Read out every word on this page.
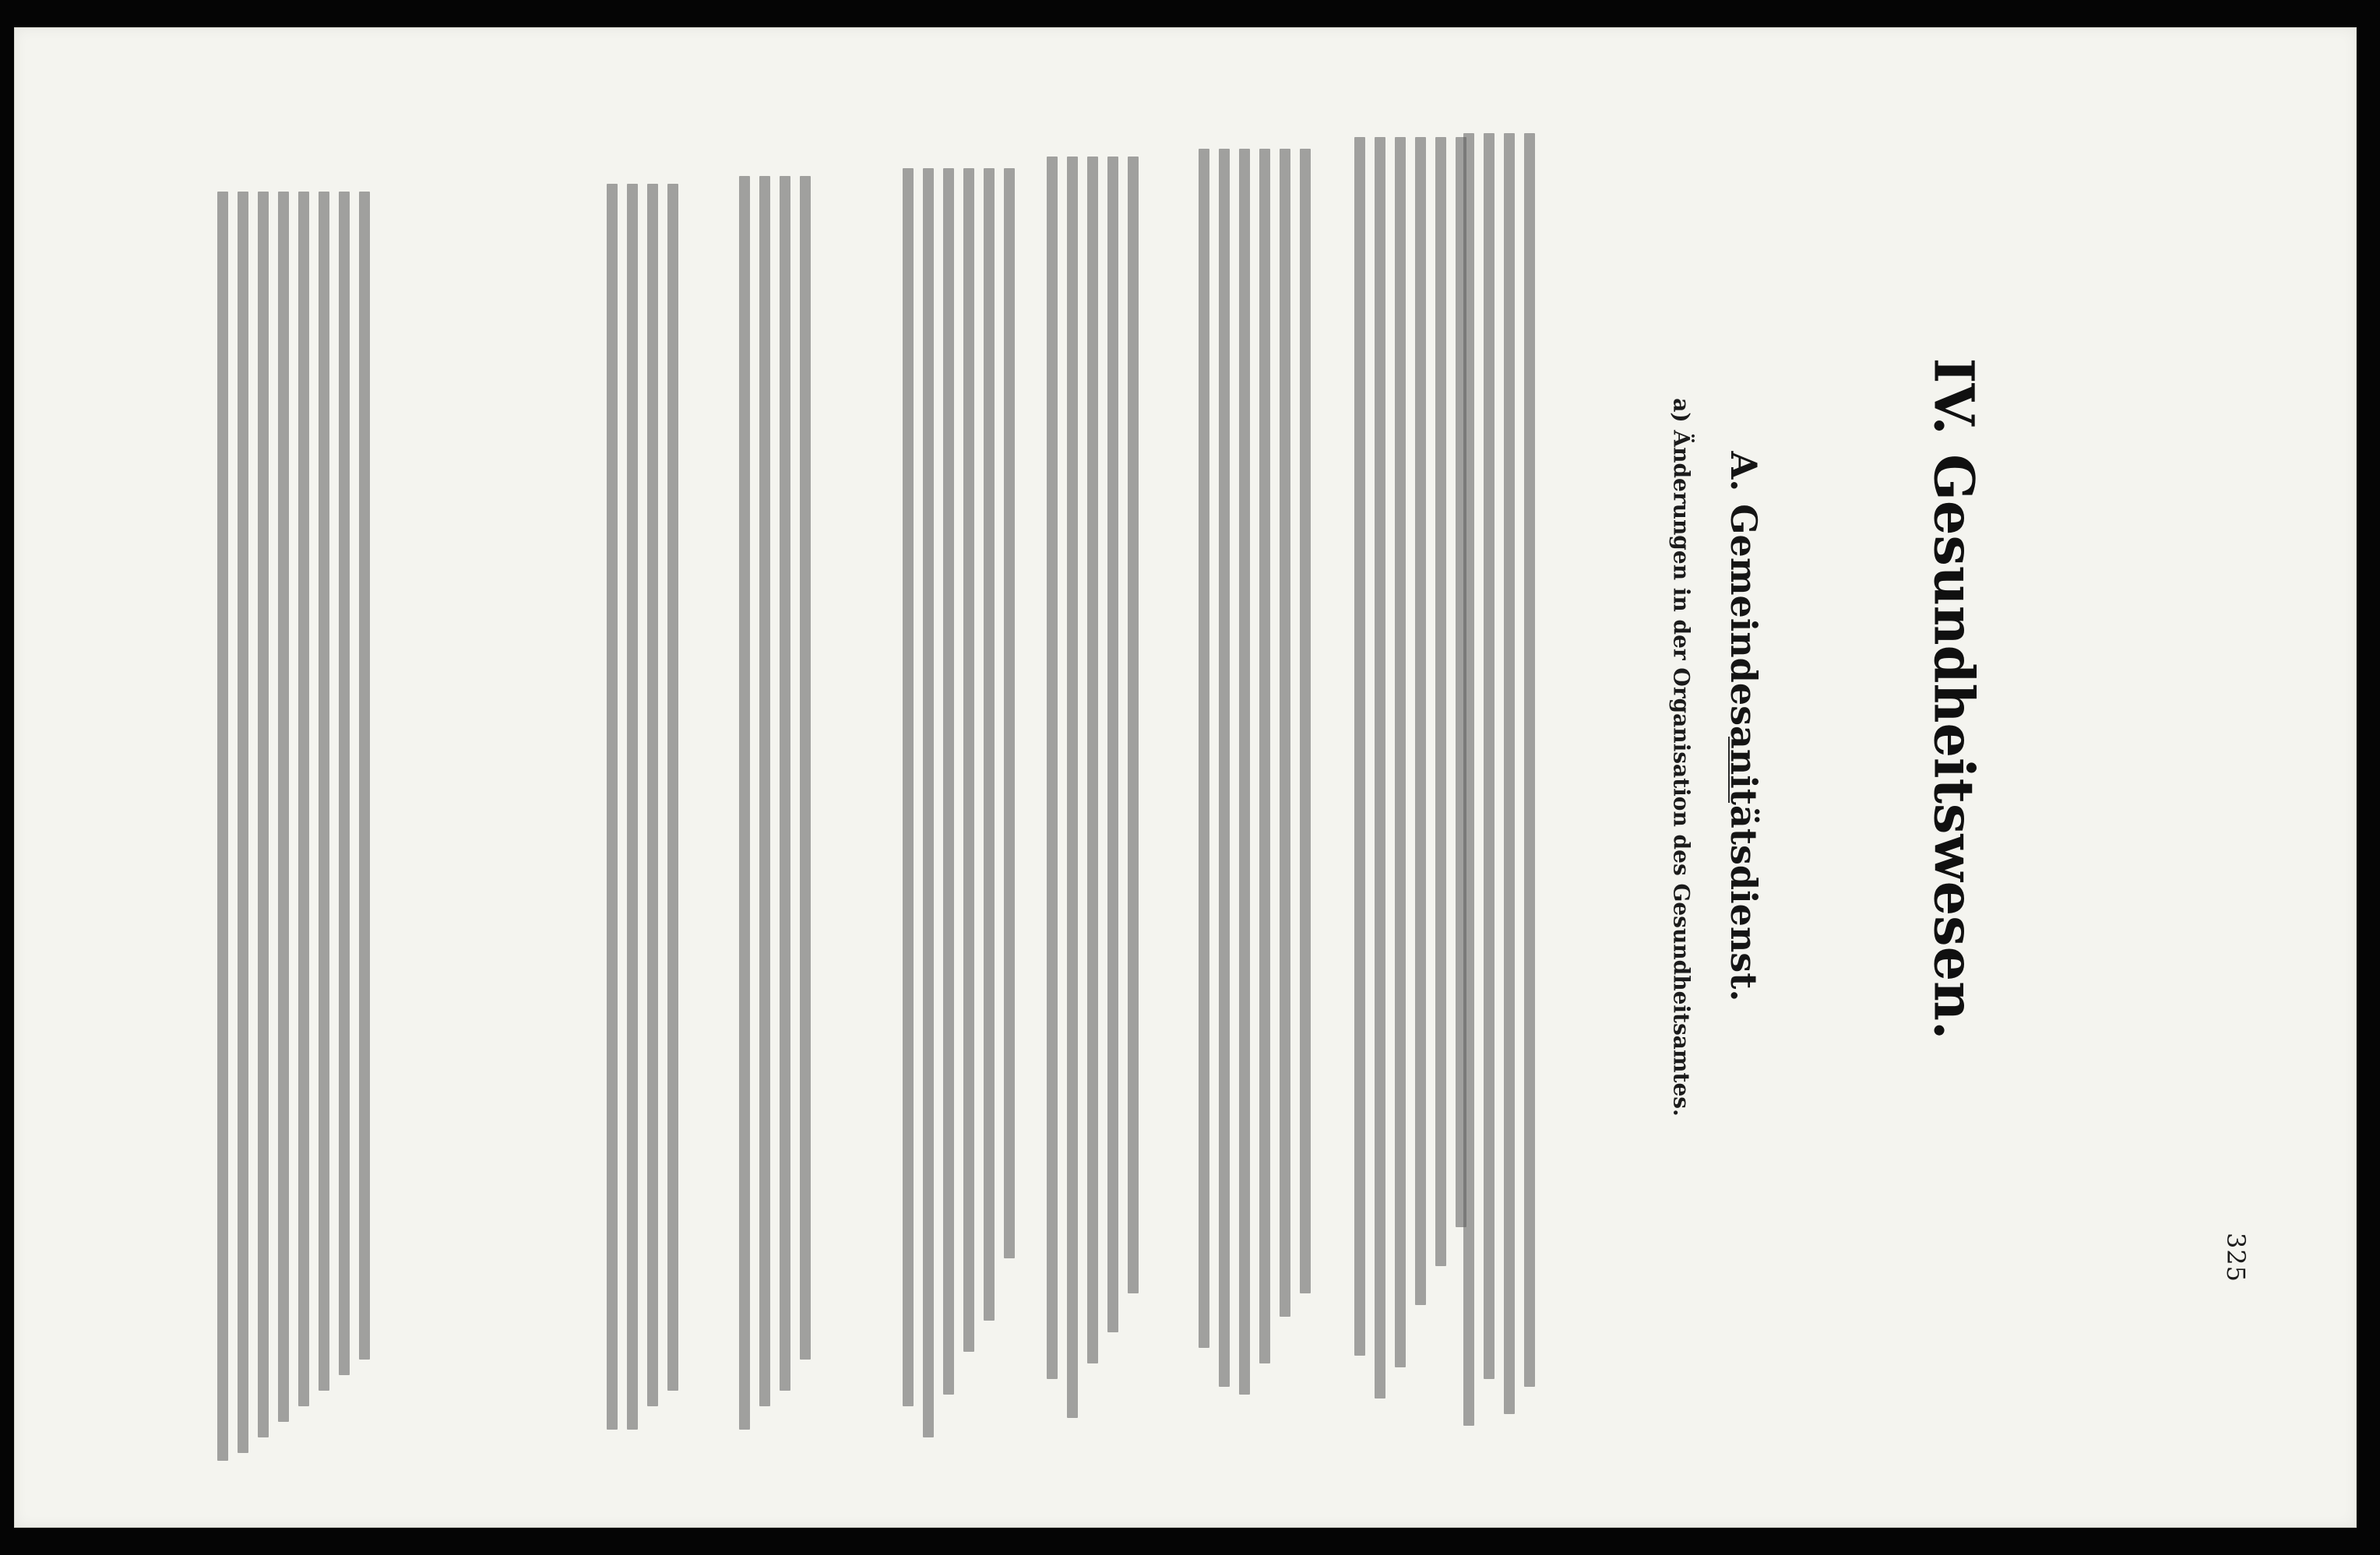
325
IV. Gesundheitswesen.
A. Gemeindesanitätsdienst.
a) Änderungen in der Organisation des Gesundheitsamtes.
